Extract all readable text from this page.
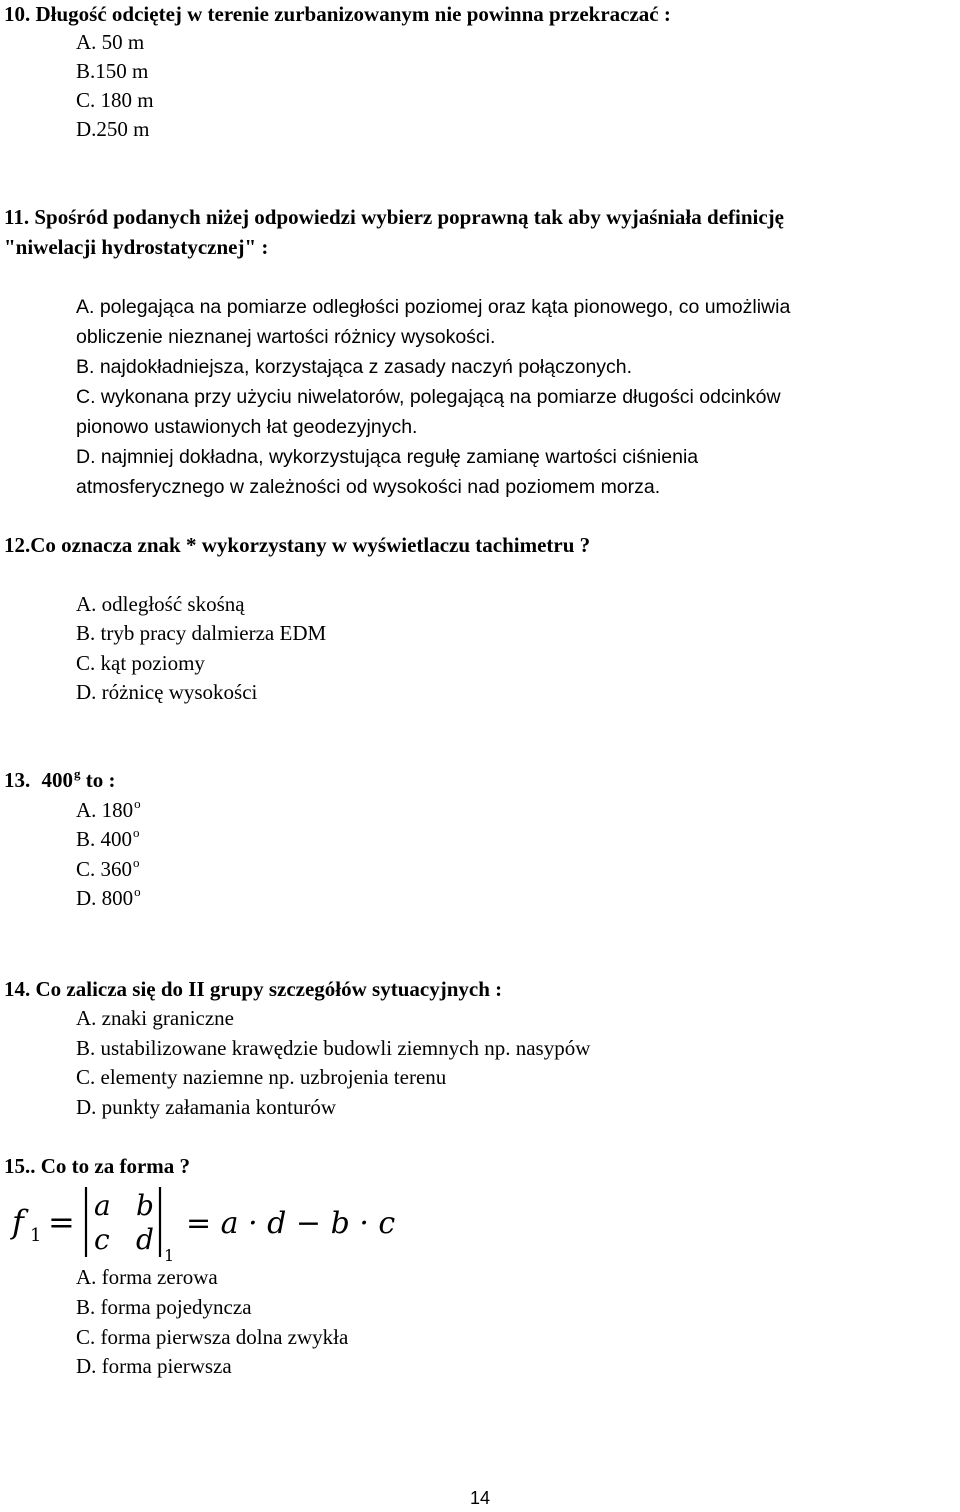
10. Długość odciętej w terenie zurbanizowanym nie powinna przekraczać :
A. 50 m
B.150 m
C. 180 m
D.250 m
11. Spośród podanych niżej odpowiedzi wybierz poprawną tak aby wyjaśniała definicję
"niwelacji hydrostatycznej" :
A. polegająca na pomiarze odległości poziomej oraz kąta pionowego, co umożliwia
obliczenie nieznanej wartości różnicy wysokości.
B. najdokładniejsza, korzystająca z zasady naczyń połączonych.
C. wykonana przy użyciu niwelatorów, polegającą na pomiarze długości odcinków
pionowo ustawionych łat geodezyjnych.
D. najmniej dokładna, wykorzystująca regułę zamianę wartości ciśnienia
atmosferycznego w zależności od wysokości nad poziomem morza.
12.Co oznacza znak * wykorzystany w wyświetlaczu tachimetru ?
A. odległość skośną
B. tryb pracy dalmierza EDM
C. kąt poziomy
D. różnicę wysokości
13. 400$^g$ to :
A. 180$^o$
B. 400$^o$
C. 360$^o$
D. 800$^o$
14. Co zalicza się do II grupy szczegółów sytuacyjnych :
A. znaki graniczne
B. ustabilizowane krawędzie budowli ziemnych np. nasypów
C. elementy naziemne np. uzbrojenia terenu
D. punkty załamania konturów
15.. Co to za forma ?
f 1 = a b
c d 1
= a · d − b · c
A. forma zerowa
B. forma pojedyncza
C. forma pierwsza dolna zwykła
D. forma pierwsza
14
